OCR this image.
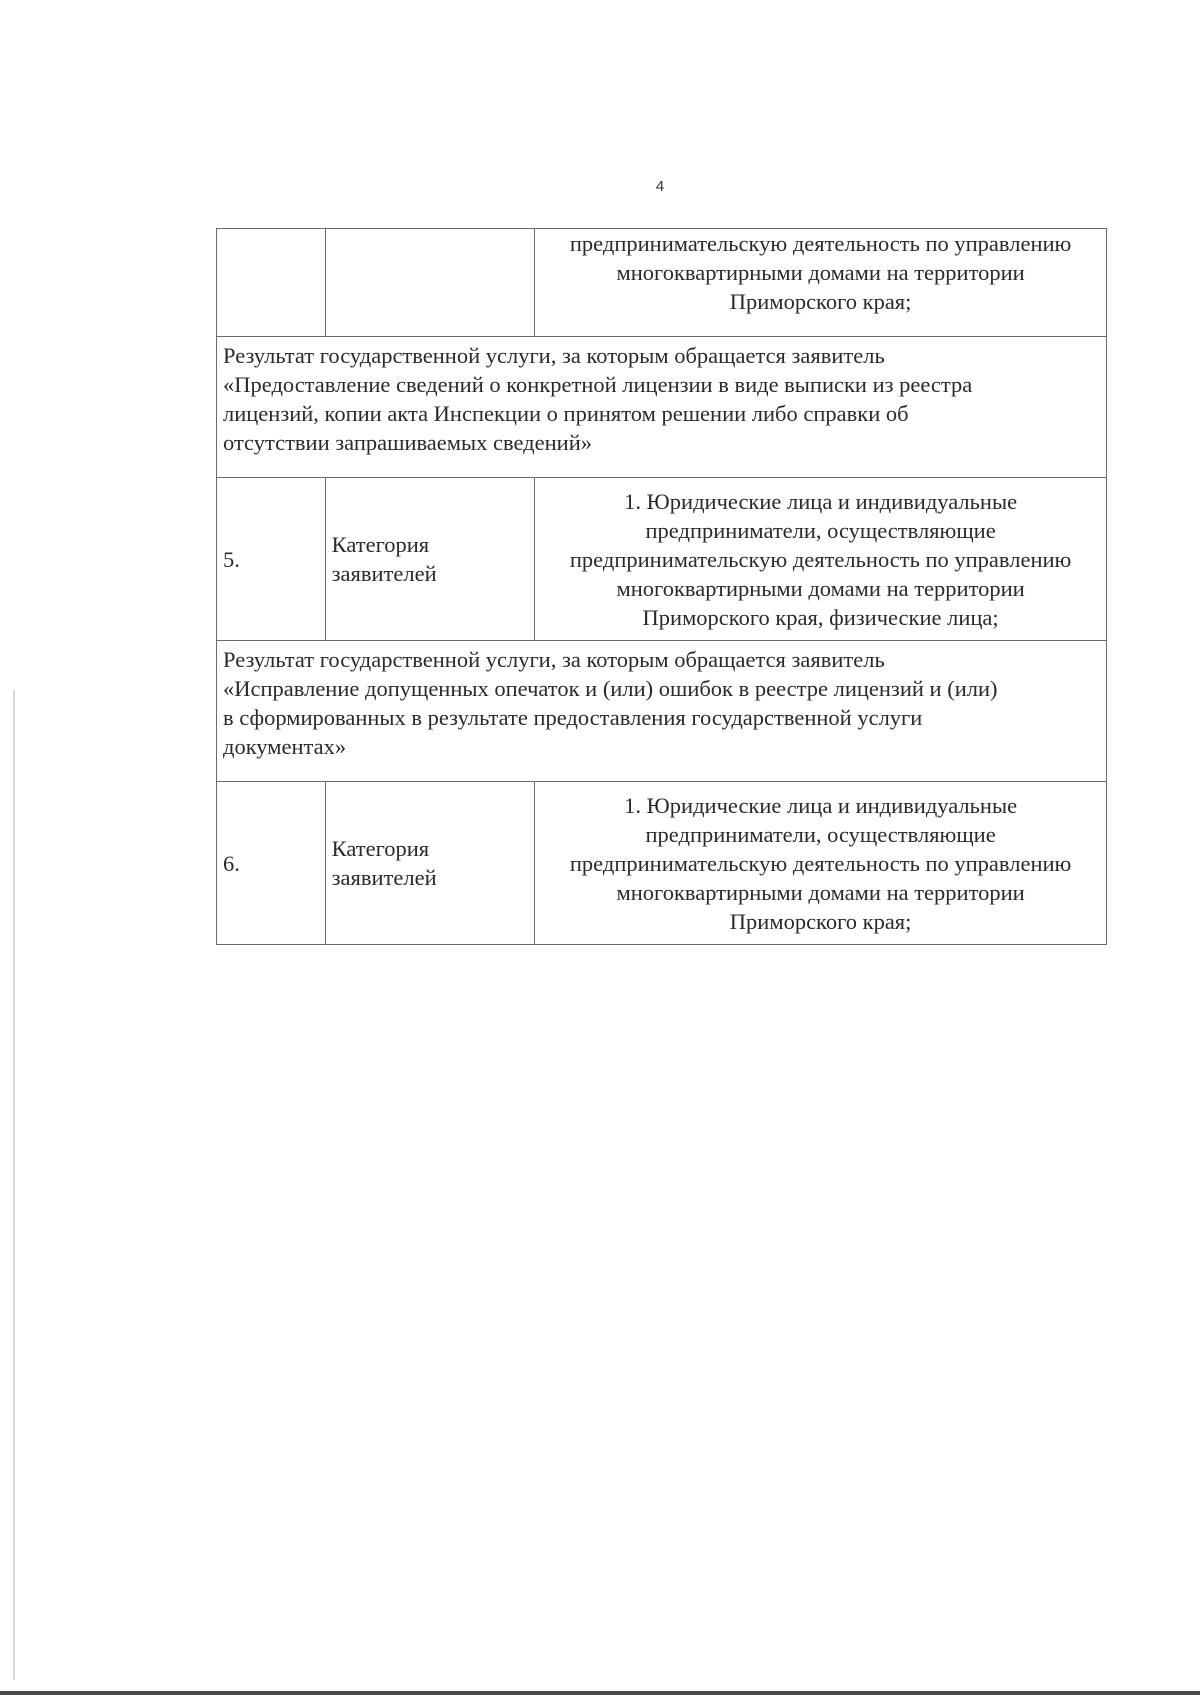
4

		предпринимательскую деятельность по управлению
многоквартирными домами на территории
Приморского края;

Результат государственной услуги, за которым обращается заявитель
«Предоставление сведений о конкретной лицензии в виде выписки из реестра
лицензий, копии акта Инспекции о принятом решении либо справки об
отсутствии запрашиваемых сведений»		

5.	Категория
заявителей	1. Юридические лица и индивидуальные
предприниматели, осуществляющие
предпринимательскую деятельность по управлению
многоквартирными домами на территории
Приморского края, физические лица;

Результат государственной услуги, за которым обращается заявитель
«Исправление допущенных опечаток и (или) ошибок в реестре лицензий и (или)
в сформированных в результате предоставления государственной услуги
документах»		

6.	Категория
заявителей	1. Юридические лица и индивидуальные
предприниматели, осуществляющие
предпринимательскую деятельность по управлению
многоквартирными домами на территории
Приморского края;
